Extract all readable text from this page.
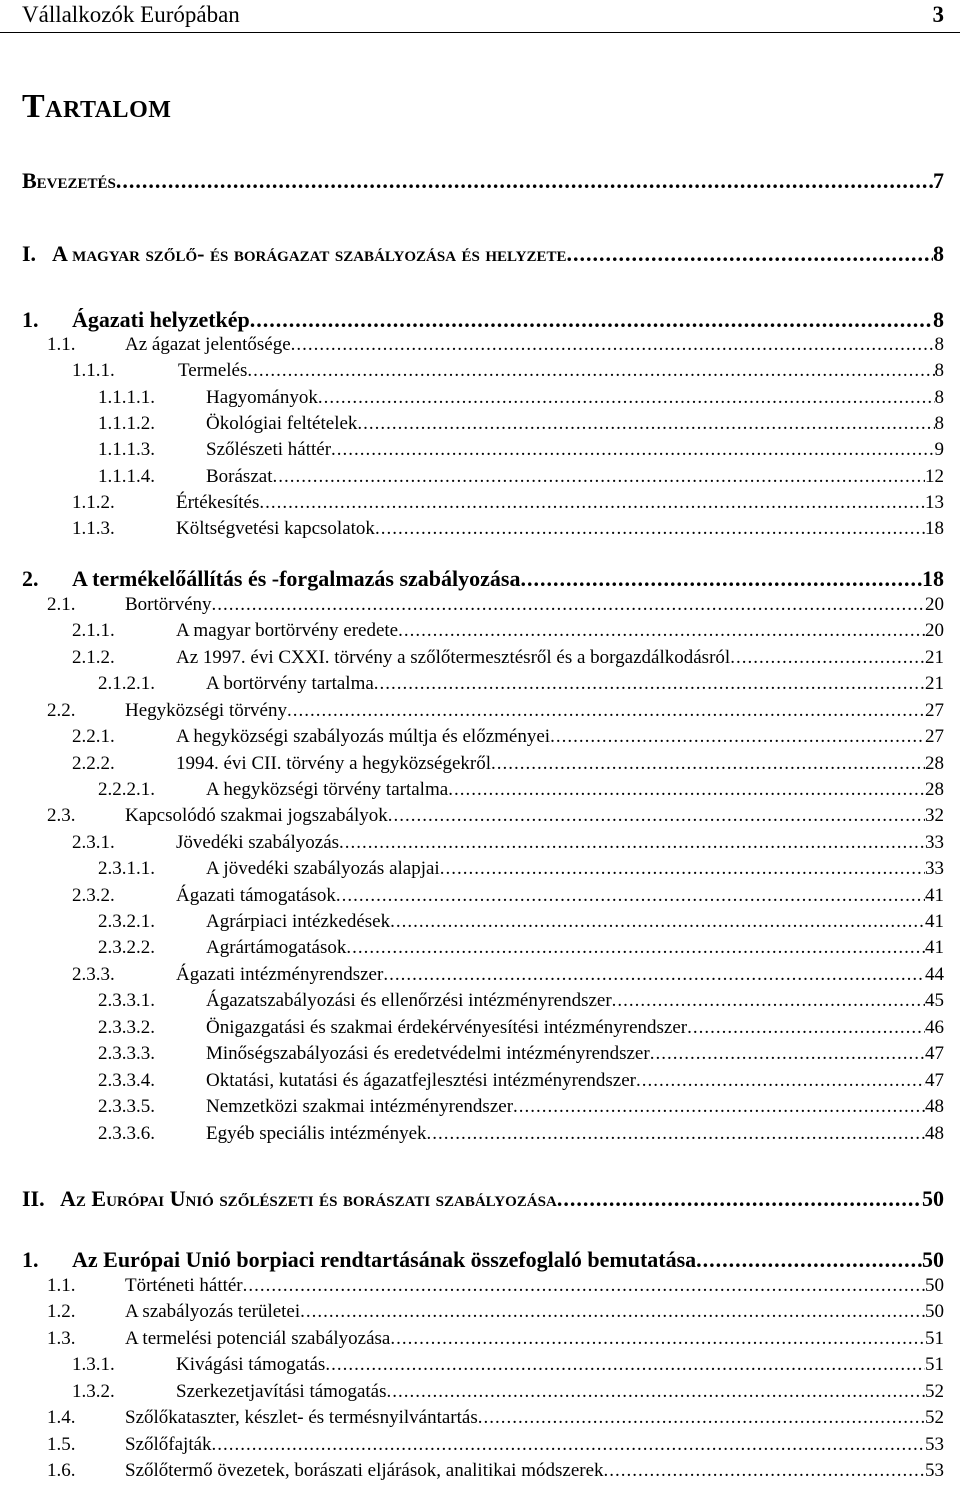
Vállalkozók Európában	3
Tartalom
Bevezetés .....	7
I. A magyar szőlő- és borágazat szabályozása és helyzete .....	8
1.	Ágazati helyzetkép .....	8
1.1.	Az ágazat jelentősége .....	8
1.1.1.	Termelés .....	8
1.1.1.1.	Hagyományok .....	8
1.1.1.2.	Ökológiai feltételek .....	8
1.1.1.3.	Szőlészeti háttér .....	9
1.1.1.4.	Borászat .....	12
1.1.2.	Értékesítés .....	13
1.1.3.	Költségvetési kapcsolatok .....	18
2.	A termékelőállítás és -forgalmazás szabályozása .....	18
2.1.	Bortörvény .....	20
2.1.1.	A magyar bortörvény eredete .....	20
2.1.2.	Az 1997. évi CXXI. törvény a szőlőtermesztésről és a borgazdálkodásról .....	21
2.1.2.1.	A bortörvény tartalma .....	21
2.2.	Hegyközségi törvény .....	27
2.2.1.	A hegyközségi szabályozás múltja és előzményei .....	27
2.2.2.	1994. évi CII. törvény a hegyközségekről .....	28
2.2.2.1.	A hegyközségi törvény tartalma .....	28
2.3.	Kapcsolódó szakmai jogszabályok .....	32
2.3.1.	Jövedéki szabályozás .....	33
2.3.1.1.	A jövedéki szabályozás alapjai .....	33
2.3.2.	Ágazati támogatások .....	41
2.3.2.1.	Agrárpiaci intézkedések .....	41
2.3.2.2.	Agrártámogatások .....	41
2.3.3.	Ágazati intézményrendszer .....	44
2.3.3.1.	Ágazatszabályozási és ellenőrzési intézményrendszer .....	45
2.3.3.2.	Önigazgatási és szakmai érdekérvényesítési intézményrendszer .....	46
2.3.3.3.	Minőségszabályozási és eredetvédelmi intézményrendszer .....	47
2.3.3.4.	Oktatási, kutatási és ágazatfejlesztési intézményrendszer .....	47
2.3.3.5.	Nemzetközi szakmai intézményrendszer .....	48
2.3.3.6.	Egyéb speciális intézmények .....	48
II. Az Európai Unió szőlészeti és borászati szabályozása .....	50
1.	Az Európai Unió borpiaci rendtartásának összefoglaló bemutatása .....	50
1.1.	Történeti háttér .....	50
1.2.	A szabályozás területei .....	50
1.3.	A termelési potenciál szabályozása .....	51
1.3.1.	Kivágási támogatás .....	51
1.3.2.	Szerkezetjavítási támogatás .....	52
1.4.	Szőlőkataszter, készlet- és termésnyilvántartás .....	52
1.5.	Szőlőfajták .....	53
1.6.	Szőlőtermő övezetek, borászati eljárások, analitikai módszerek .....	53
